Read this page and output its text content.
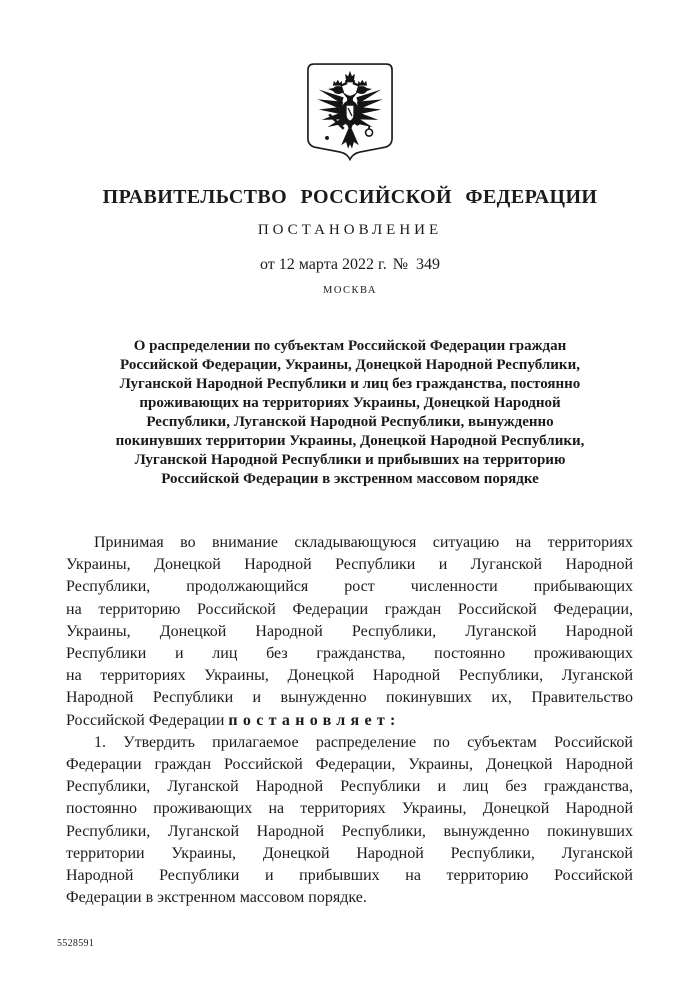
ПРАВИТЕЛЬСТВО РОССИЙСКОЙ ФЕДЕРАЦИИ
ПОСТАНОВЛЕНИЕ
от 12 марта 2022 г. № 349
МОСКВА
О распределении по субъектам Российской Федерации граждан
Российской Федерации, Украины, Донецкой Народной Республики,
Луганской Народной Республики и лиц без гражданства, постоянно
проживающих на территориях Украины, Донецкой Народной
Республики, Луганской Народной Республики, вынужденно
покинувших территории Украины, Донецкой Народной Республики,
Луганской Народной Республики и прибывших на территорию
Российской Федерации в экстренном массовом порядке
Принимая во внимание складывающуюся ситуацию на территориях
Украины, Донецкой Народной Республики и Луганской Народной
Республики, продолжающийся рост численности прибывающих
на территорию Российской Федерации граждан Российской Федерации,
Украины, Донецкой Народной Республики, Луганской Народной
Республики и лиц без гражданства, постоянно проживающих
на территориях Украины, Донецкой Народной Республики, Луганской
Народной Республики и вынужденно покинувших их, Правительство
Российской Федерации постановляет:
1. Утвердить прилагаемое распределение по субъектам Российской
Федерации граждан Российской Федерации, Украины, Донецкой Народной
Республики, Луганской Народной Республики и лиц без гражданства,
постоянно проживающих на территориях Украины, Донецкой Народной
Республики, Луганской Народной Республики, вынужденно покинувших
территории Украины, Донецкой Народной Республики, Луганской
Народной Республики и прибывших на территорию Российской
Федерации в экстренном массовом порядке.
5528591
